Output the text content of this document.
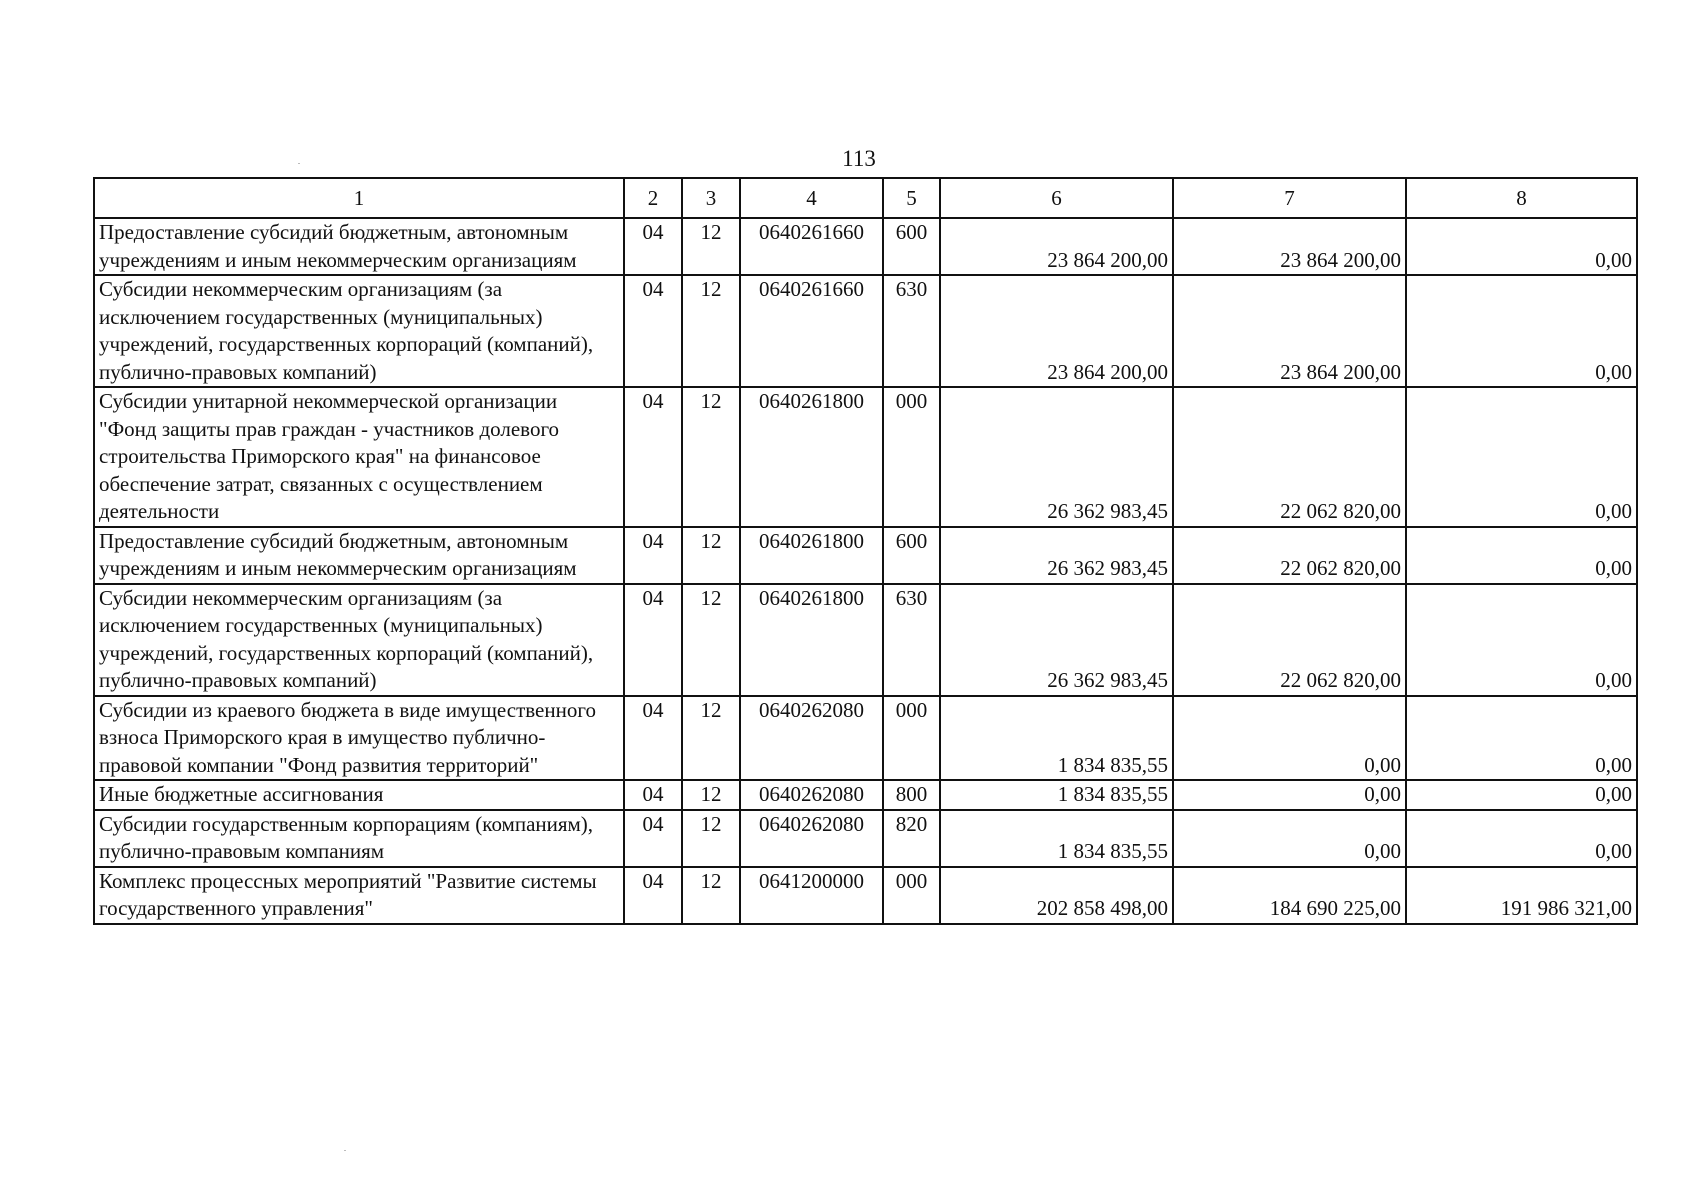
113
1	2	3	4	5	6	7	8
Предоставление субсидий бюджетным, автономным учреждениям и иным некоммерческим организациям	04	12	0640261660	600	23 864 200,00	23 864 200,00	0,00
Субсидии некоммерческим организациям (за исключением государственных (муниципальных) учреждений, государственных корпораций (компаний), публично-правовых компаний)	04	12	0640261660	630	23 864 200,00	23 864 200,00	0,00
Субсидии унитарной некоммерческой организации "Фонд защиты прав граждан - участников долевого строительства Приморского края" на финансовое обеспечение затрат, связанных с осуществлением деятельности	04	12	0640261800	000	26 362 983,45	22 062 820,00	0,00
Предоставление субсидий бюджетным, автономным учреждениям и иным некоммерческим организациям	04	12	0640261800	600	26 362 983,45	22 062 820,00	0,00
Субсидии некоммерческим организациям (за исключением государственных (муниципальных) учреждений, государственных корпораций (компаний), публично-правовых компаний)	04	12	0640261800	630	26 362 983,45	22 062 820,00	0,00
Субсидии из краевого бюджета в виде имущественного взноса Приморского края в имущество публично-правовой компании "Фонд развития территорий"	04	12	0640262080	000	1 834 835,55	0,00	0,00
Иные бюджетные ассигнования	04	12	0640262080	800	1 834 835,55	0,00	0,00
Субсидии государственным корпорациям (компаниям), публично-правовым компаниям	04	12	0640262080	820	1 834 835,55	0,00	0,00
Комплекс процессных мероприятий "Развитие системы государственного управления"	04	12	0641200000	000	202 858 498,00	184 690 225,00	191 986 321,00
